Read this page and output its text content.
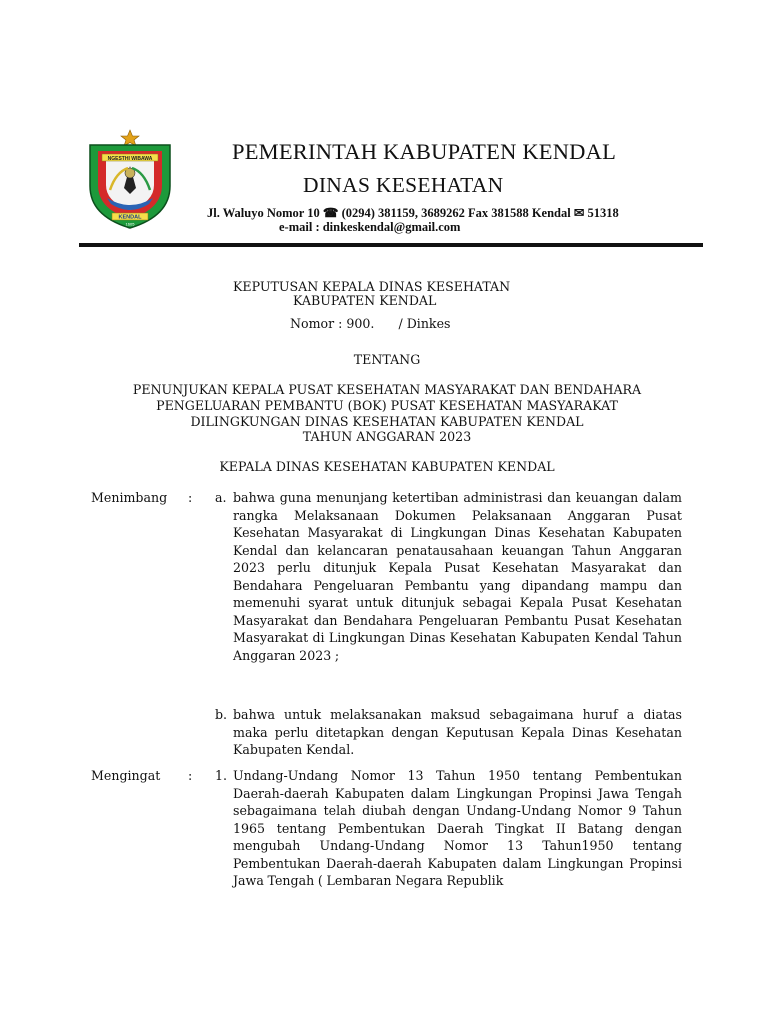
NGESTHI WIBAWA
KENDAL
1605
PEMERINTAH KABUPATEN KENDAL
DINAS KESEHATAN
Jl. Waluyo Nomor 10 ☎ (0294) 381159, 3689262 Fax 381588 Kendal ✉ 51318
e-mail : dinkeskendal@gmail.com
KEPUTUSAN KEPALA DINAS KESEHATAN
KABUPATEN KENDAL
Nomor : 900.      / Dinkes
TENTANG
PENUNJUKAN KEPALA PUSAT KESEHATAN MASYARAKAT DAN BENDAHARA
PENGELUARAN PEMBANTU (BOK) PUSAT KESEHATAN MASYARAKAT
DILINGKUNGAN DINAS KESEHATAN KABUPATEN KENDAL
TAHUN ANGGARAN 2023
KEPALA DINAS KESEHATAN KABUPATEN KENDAL
Menimbang : a. bahwa guna menunjang ketertiban administrasi dan keuangan dalam rangka Melaksanaan Dokumen Pelaksanaan Anggaran Pusat Kesehatan Masyarakat di Lingkungan Dinas Kesehatan Kabupaten Kendal dan kelancaran penatausahaan keuangan Tahun Anggaran 2023 perlu ditunjuk Kepala Pusat Kesehatan Masyarakat dan Bendahara Pengeluaran Pembantu yang dipandang mampu dan memenuhi syarat untuk ditunjuk sebagai Kepala Pusat Kesehatan Masyarakat dan Bendahara Pengeluaran Pembantu Pusat Kesehatan Masyarakat di Lingkungan Dinas Kesehatan Kabupaten Kendal Tahun Anggaran 2023 ;
b. bahwa untuk melaksanakan maksud sebagaimana huruf a diatas maka perlu ditetapkan dengan Keputusan Kepala Dinas Kesehatan Kabupaten Kendal.
Mengingat : 1. Undang-Undang Nomor 13 Tahun 1950 tentang Pembentukan Daerah-daerah Kabupaten dalam Lingkungan Propinsi Jawa Tengah sebagaimana telah diubah dengan Undang-Undang Nomor 9 Tahun 1965 tentang Pembentukan Daerah Tingkat II Batang dengan mengubah Undang-Undang Nomor 13 Tahun1950 tentang Pembentukan Daerah-daerah Kabupaten dalam Lingkungan Propinsi Jawa Tengah ( Lembaran Negara Republik
